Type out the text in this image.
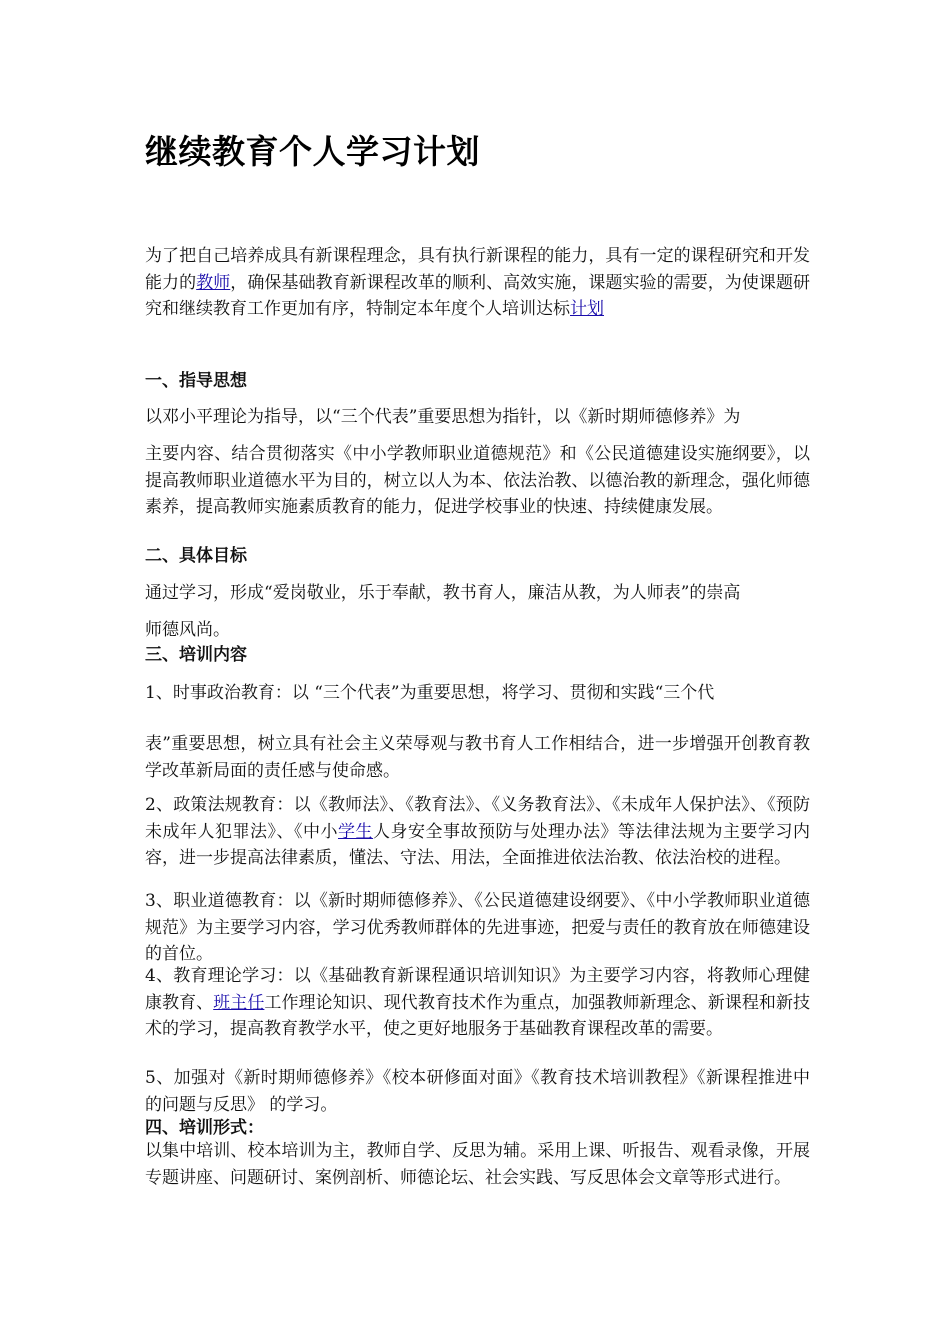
继续教育个人学习计划

为了把自己培养成具有新课程理念，具有执行新课程的能力，具有一定的课程研究和开发能力的教师，确保基础教育新课程改革的顺利、高效实施，课题实验的需要，为使课题研究和继续教育工作更加有序，特制定本年度个人培训达标计划

一、指导思想

以邓小平理论为指导，以“三个代表”重要思想为指针，以《新时期师德修养》为

主要内容、结合贯彻落实《中小学教师职业道德规范》和《公民道德建设实施纲要》，以提高教师职业道德水平为目的，树立以人为本、依法治教、以德治教的新理念，强化师德素养，提高教师实施素质教育的能力，促进学校事业的快速、持续健康发展。

二、具体目标

通过学习，形成“爱岗敬业，乐于奉献，教书育人，廉洁从教，为人师表”的崇高

师德风尚。

三、培训内容

1、时事政治教育：以 “三个代表”为重要思想，将学习、贯彻和实践“三个代

表”重要思想，树立具有社会主义荣辱观与教书育人工作相结合，进一步增强开创教育教学改革新局面的责任感与使命感。

2、政策法规教育：以《教师法》、《教育法》、《义务教育法》、《未成年人保护法》、《预防未成年人犯罪法》、《中小学生人身安全事故预防与处理办法》等法律法规为主要学习内容，进一步提高法律素质，懂法、守法、用法，全面推进依法治教、依法治校的进程。

3、职业道德教育：以《新时期师德修养》、《公民道德建设纲要》、《中小学教师职业道德规范》为主要学习内容，学习优秀教师群体的先进事迹，把爱与责任的教育放在师德建设的首位。

4、教育理论学习：以《基础教育新课程通识培训知识》为主要学习内容，将教师心理健康教育、班主任工作理论知识、现代教育技术作为重点，加强教师新理念、新课程和新技术的学习，提高教育教学水平，使之更好地服务于基础教育课程改革的需要。

5、加强对《新时期师德修养》《校本研修面对面》《教育技术培训教程》《新课程推进中的问题与反思》 的学习。

四、培训形式：

以集中培训、校本培训为主，教师自学、反思为辅。采用上课、听报告、观看录像，开展专题讲座、问题研讨、案例剖析、师德论坛、社会实践、写反思体会文章等形式进行。
